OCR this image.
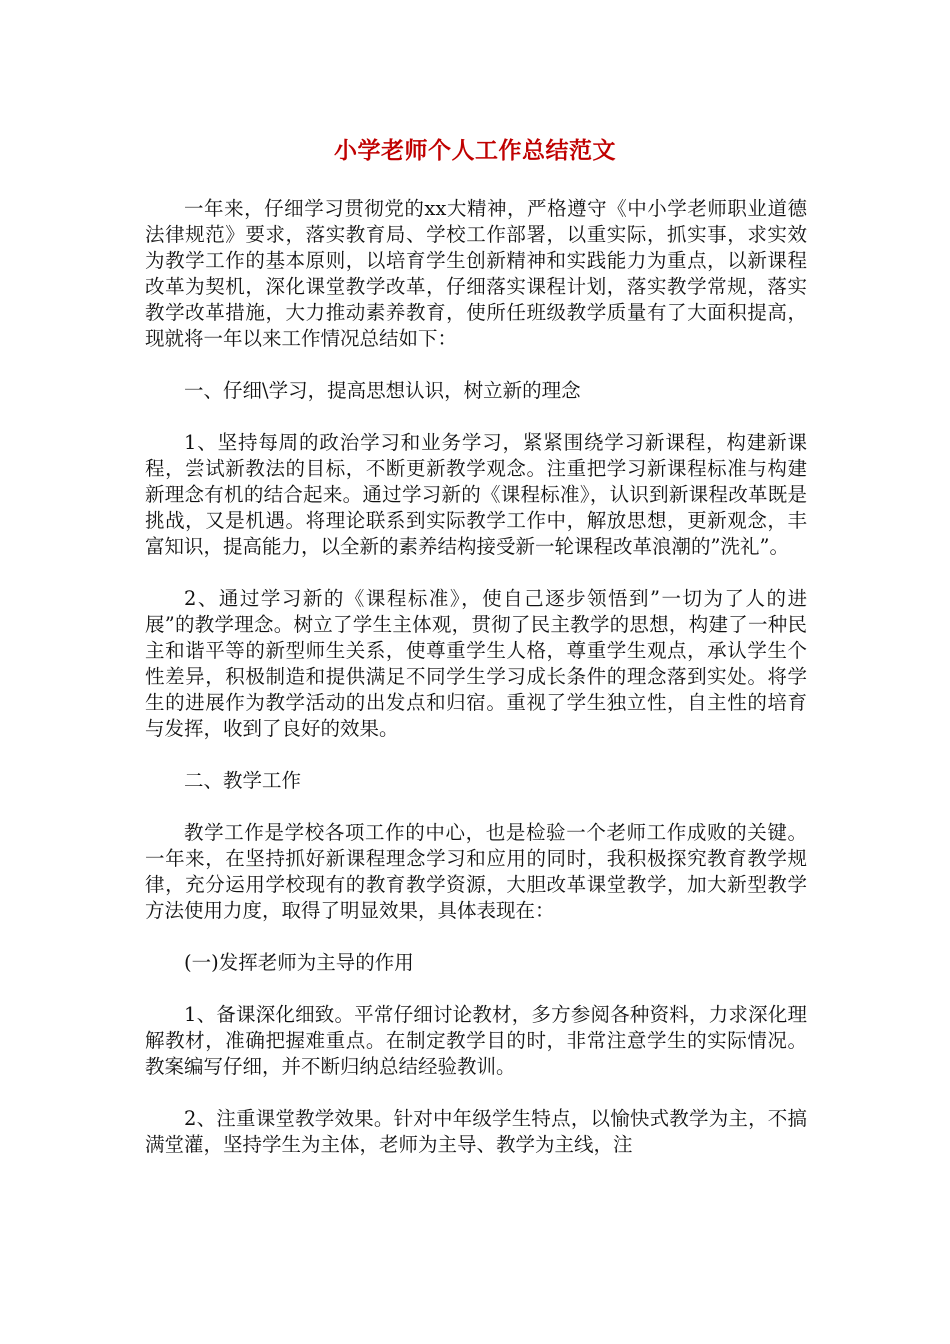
小学老师个人工作总结范文

一年来，仔细学习贯彻党的xx大精神，严格遵守《中小学老师职业道德法律规范》要求，落实教育局、学校工作部署，以重实际，抓实事，求实效为教学工作的基本原则，以培育学生创新精神和实践能力为重点，以新课程改革为契机，深化课堂教学改革，仔细落实课程计划，落实教学常规，落实教学改革措施，大力推动素养教育，使所任班级教学质量有了大面积提高，现就将一年以来工作情况总结如下：

一、仔细\学习，提高思想认识，树立新的理念

1、坚持每周的政治学习和业务学习，紧紧围绕学习新课程，构建新课程，尝试新教法的目标，不断更新教学观念。注重把学习新课程标准与构建新理念有机的结合起来。通过学习新的《课程标准》，认识到新课程改革既是挑战，又是机遇。将理论联系到实际教学工作中，解放思想，更新观念，丰富知识，提高能力，以全新的素养结构接受新一轮课程改革浪潮的”洗礼”。

2、通过学习新的《课程标准》，使自己逐步领悟到”一切为了人的进展”的教学理念。树立了学生主体观，贯彻了民主教学的思想，构建了一种民主和谐平等的新型师生关系，使尊重学生人格，尊重学生观点，承认学生个性差异，积极制造和提供满足不同学生学习成长条件的理念落到实处。将学生的进展作为教学活动的出发点和归宿。重视了学生独立性，自主性的培育与发挥，收到了良好的效果。

二、教学工作

教学工作是学校各项工作的中心，也是检验一个老师工作成败的关键。一年来，在坚持抓好新课程理念学习和应用的同时，我积极探究教育教学规律，充分运用学校现有的教育教学资源，大胆改革课堂教学，加大新型教学方法使用力度，取得了明显效果，具体表现在：

(一)发挥老师为主导的作用

1、备课深化细致。平常仔细讨论教材，多方参阅各种资料，力求深化理解教材，准确把握难重点。在制定教学目的时，非常注意学生的实际情况。教案编写仔细，并不断归纳总结经验教训。

2、注重课堂教学效果。针对中年级学生特点，以愉快式教学为主，不搞满堂灌，坚持学生为主体，老师为主导、教学为主线，注
